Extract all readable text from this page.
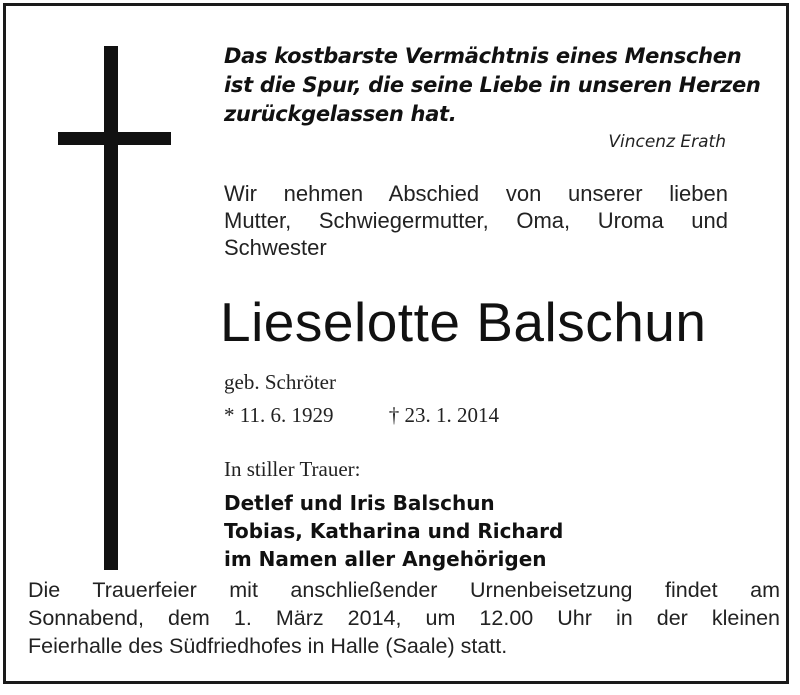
Das kostbarste Vermächtnis eines Menschen
ist die Spur, die seine Liebe in unseren Herzen
zurückgelassen hat.
Vincenz Erath
Wir nehmen Abschied von unserer lieben
Mutter, Schwiegermutter, Oma, Uroma und
Schwester
Lieselotte Balschun
geb. Schröter
* 11. 6. 1929	† 23. 1. 2014
In stiller Trauer:
Detlef und Iris Balschun
Tobias, Katharina und Richard
im Namen aller Angehörigen
Die Trauerfeier mit anschließender Urnenbeisetzung findet am
Sonnabend, dem 1. März 2014, um 12.00 Uhr in der kleinen
Feierhalle des Südfriedhofes in Halle (Saale) statt.
